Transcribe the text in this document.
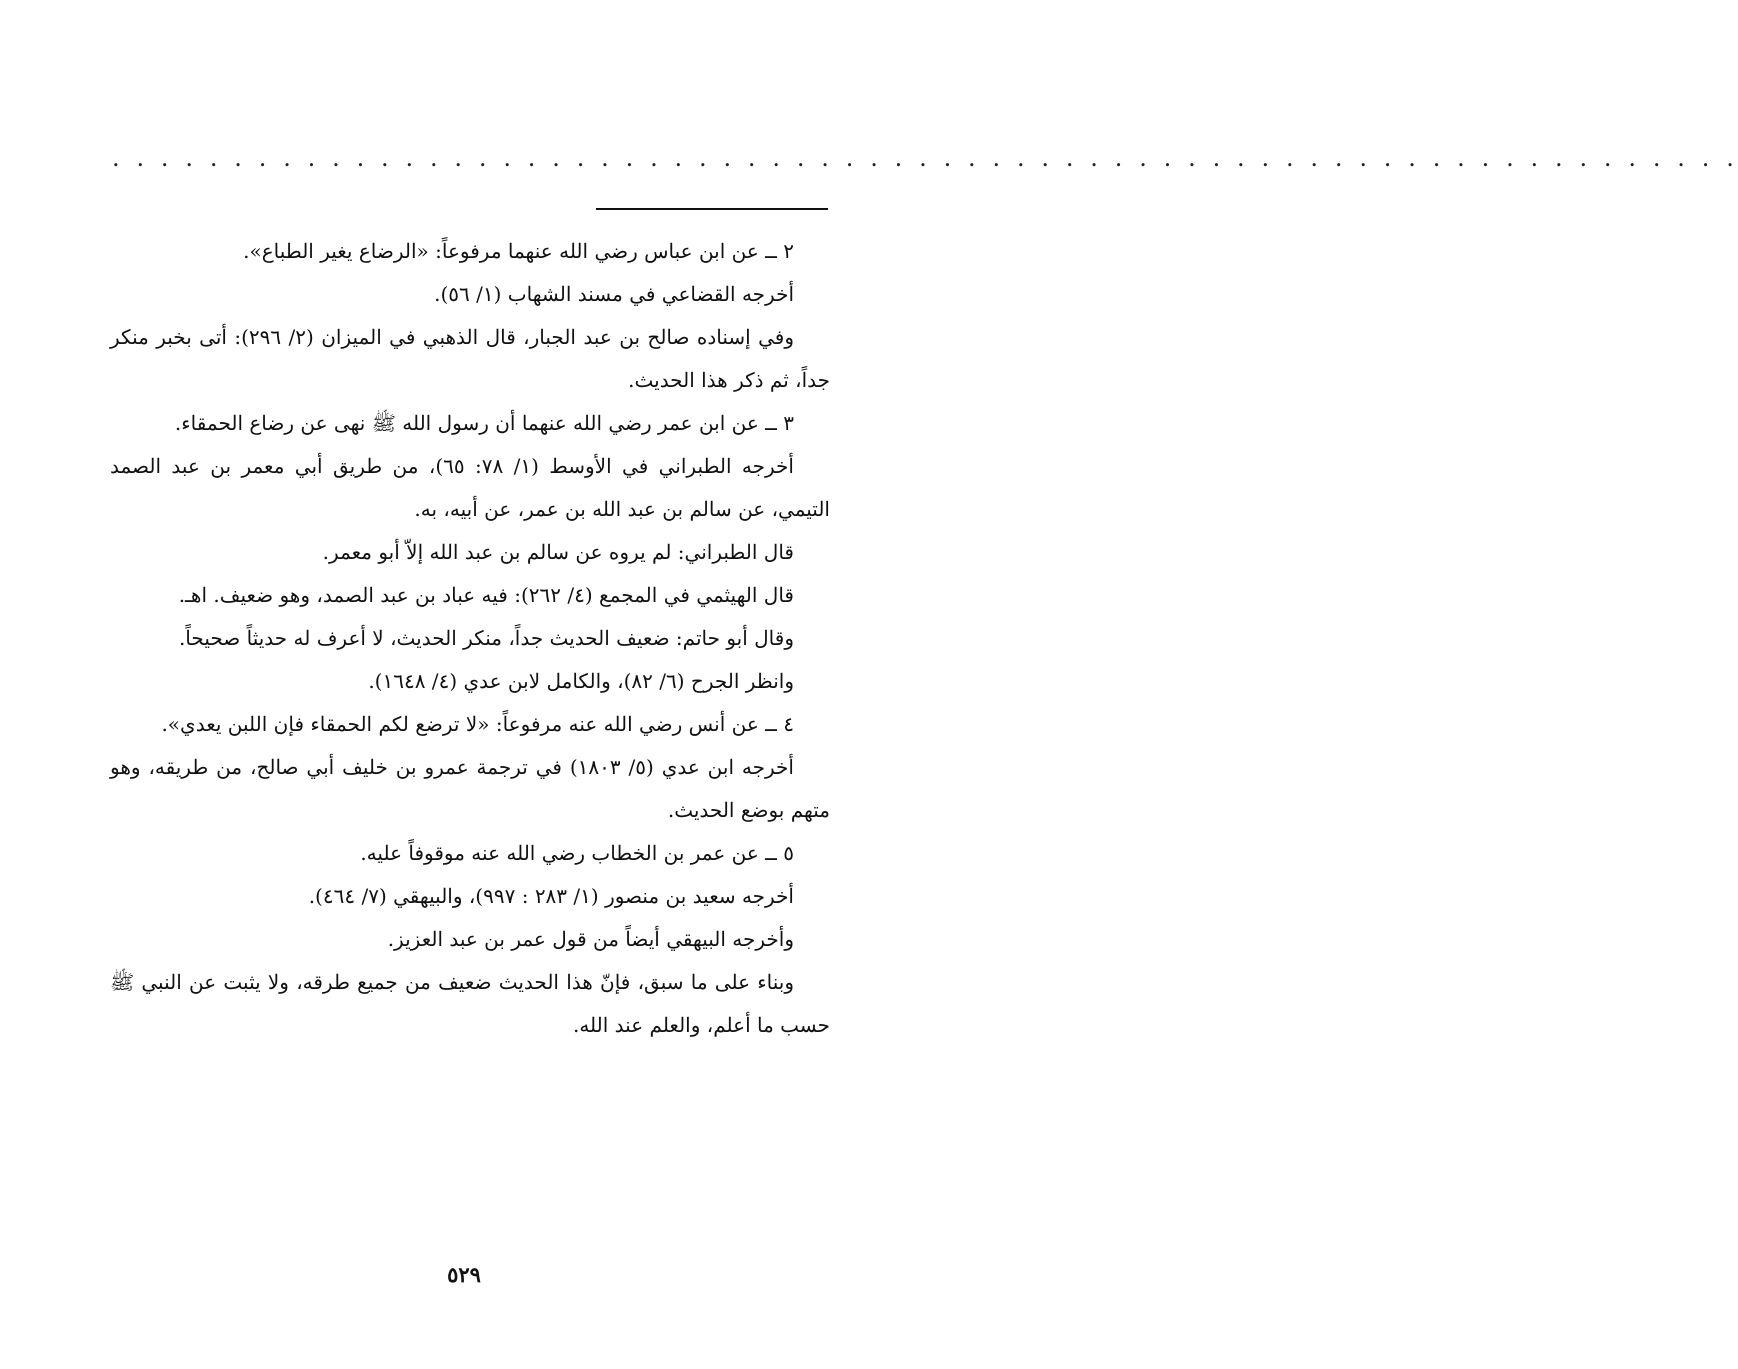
. . . . . . . . . . . . . . . . . . . . . . . . . . . . . . . . . . . . . . . . . . . . . . . . . . . . . . . . . . . . . . . . . . .

٢ ــ عن ابن عباس رضي الله عنهما مرفوعاً: «الرضاع يغير الطباع».

أخرجه القضاعي في مسند الشهاب (١/ ٥٦).

وفي إسناده صالح بن عبد الجبار، قال الذهبي في الميزان (٢/ ٢٩٦): أتى بخبر منكر جداً، ثم ذكر هذا الحديث.

٣ ــ عن ابن عمر رضي الله عنهما أن رسول الله ﷺ نهى عن رضاع الحمقاء.

أخرجه الطبراني في الأوسط (١/ ٧٨: ٦٥)، من طريق أبي معمر بن عبد الصمد التيمي، عن سالم بن عبد الله بن عمر، عن أبيه، به.

قال الطبراني: لم يروه عن سالم بن عبد الله إلاّ أبو معمر.

قال الهيثمي في المجمع (٤/ ٢٦٢): فيه عباد بن عبد الصمد، وهو ضعيف. اهـ.

وقال أبو حاتم: ضعيف الحديث جداً، منكر الحديث، لا أعرف له حديثاً صحيحاً.

وانظر الجرح (٦/ ٨٢)، والكامل لابن عدي (٤/ ١٦٤٨).

٤ ــ عن أنس رضي الله عنه مرفوعاً: «لا ترضع لكم الحمقاء فإن اللبن يعدي».

أخرجه ابن عدي (٥/ ١٨٠٣) في ترجمة عمرو بن خليف أبي صالح، من طريقه، وهو متهم بوضع الحديث.

٥ ــ عن عمر بن الخطاب رضي الله عنه موقوفاً عليه.

أخرجه سعيد بن منصور (١/ ٢٨٣ : ٩٩٧)، والبيهقي (٧/ ٤٦٤).

وأخرجه البيهقي أيضاً من قول عمر بن عبد العزيز.

وبناء على ما سبق، فإنّ هذا الحديث ضعيف من جميع طرقه، ولا يثبت عن النبي ﷺ حسب ما أعلم، والعلم عند الله.

٥٢٩
